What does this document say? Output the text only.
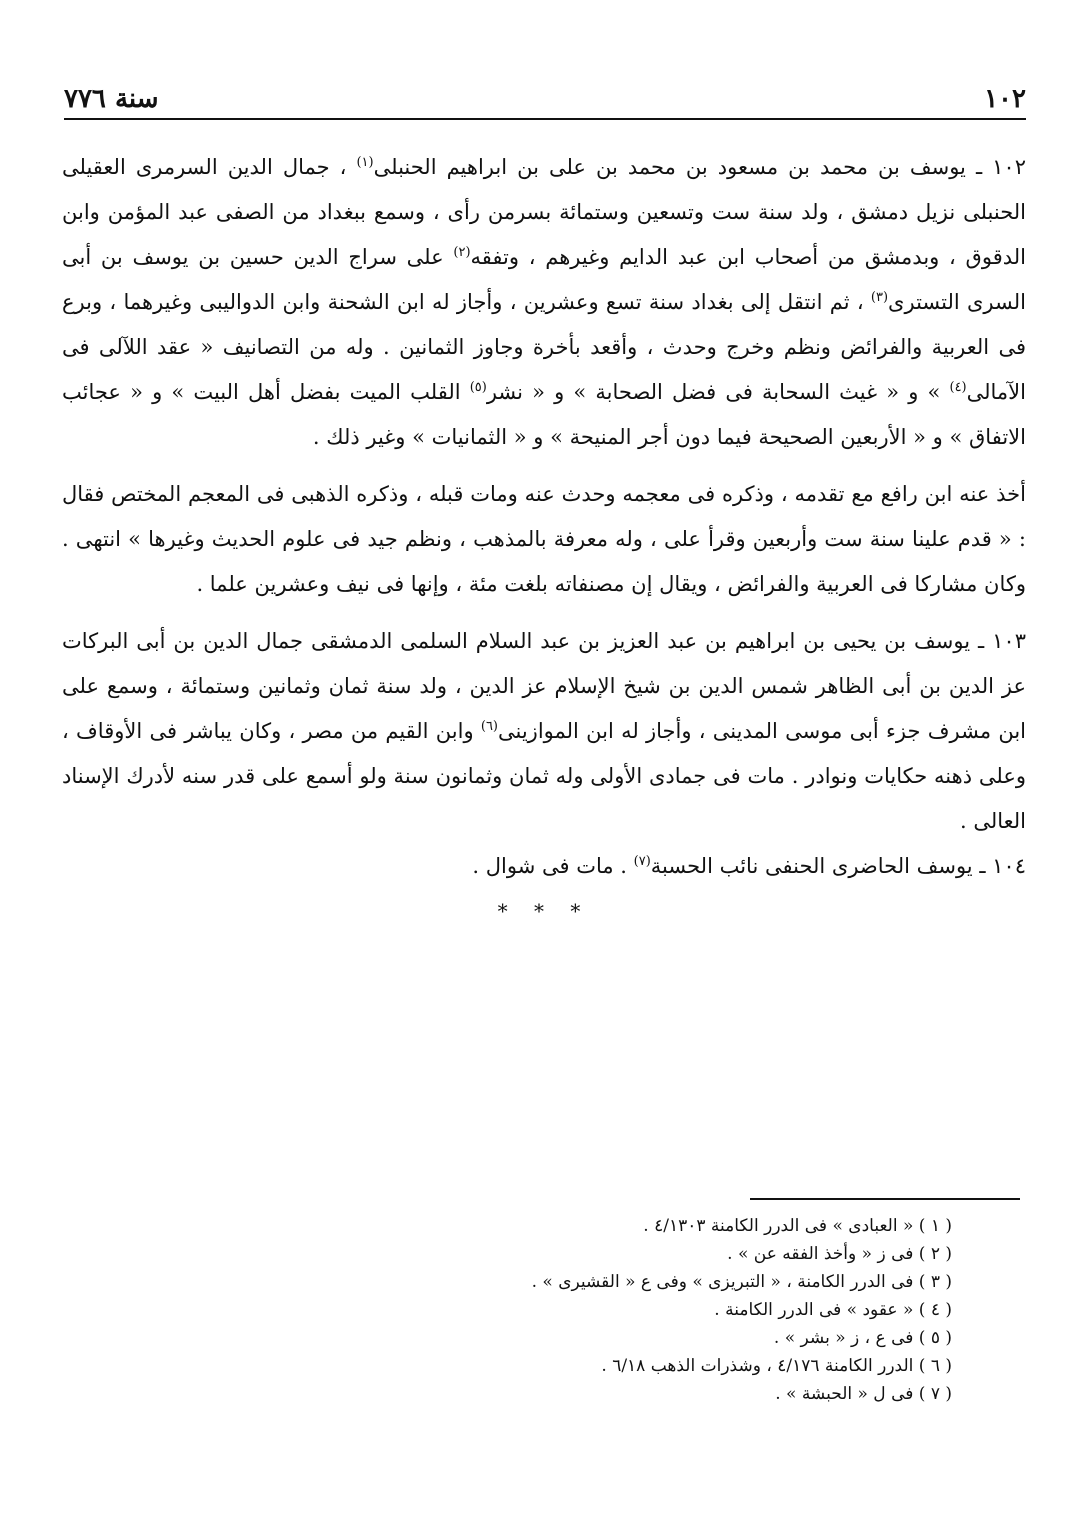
١٠٢
سنة ٧٧٦

١٠٢ ـ يوسف بن محمد بن مسعود بن محمد بن على بن ابراهيم الحنبلى$^{(١)}$ ، جمال الدين السرمرى العقيلى الحنبلى نزيل دمشق ، ولد سنة ست وتسعين وستمائة بسرمن رأى ، وسمع ببغداد من الصفى عبد المؤمن وابن الدقوق ، وبدمشق من أصحاب ابن عبد الدايم وغيرهم ، وتفقه$^{(٢)}$ على سراج الدين حسين بن يوسف بن أبى السرى التسترى$^{(٣)}$ ، ثم انتقل إلى بغداد سنة تسع وعشرين ، وأجاز له ابن الشحنة وابن الدواليبى وغيرهما ، وبرع فى العربية والفرائض ونظم وخرج وحدث ، وأقعد بأخرة وجاوز الثمانين . وله من التصانيف « عقد اللآلى فى الآمالى$^{(٤)}$ » و « غيث السحابة فى فضل الصحابة » و « نشر$^{(٥)}$ القلب الميت بفضل أهل البيت » و « عجائب الاتفاق » و « الأربعين الصحيحة فيما دون أجر المنيحة » و « الثمانيات » وغير ذلك .

أخذ عنه ابن رافع مع تقدمه ، وذكره فى معجمه وحدث عنه ومات قبله ، وذكره الذهبى فى المعجم المختص فقال : « قدم علينا سنة ست وأربعين وقرأ على ، وله معرفة بالمذهب ، ونظم جيد فى علوم الحديث وغيرها » انتهى . وكان مشاركا فى العربية والفرائض ، ويقال إن مصنفاته بلغت مئة ، وإنها فى نيف وعشرين علما .

١٠٣ ـ يوسف بن يحيى بن ابراهيم بن عبد العزيز بن عبد السلام السلمى الدمشقى جمال الدين بن أبى البركات عز الدين بن أبى الظاهر شمس الدين بن شيخ الإسلام عز الدين ، ولد سنة ثمان وثمانين وستمائة ، وسمع على ابن مشرف جزء أبى موسى المدينى ، وأجاز له ابن الموازينى$^{(٦)}$ وابن القيم من مصر ، وكان يباشر فى الأوقاف ، وعلى ذهنه حكايات ونوادر . مات فى جمادى الأولى وله ثمان وثمانون سنة ولو أسمع على قدر سنه لأدرك الإسناد العالى .

١٠٤ ـ يوسف الحاضرى الحنفى نائب الحسبة$^{(٧)}$ . مات فى شوال .

* * *

( ١ ) « العبادى » فى الدرر الكامنة ٤/١٣٠٣ .
( ٢ ) فى ز « وأخذ الفقه عن » .
( ٣ ) فى الدرر الكامنة ، « التبريزى » وفى ع « القشيرى » .
( ٤ ) « عقود » فى الدرر الكامنة .
( ٥ ) فى ع ، ز « بشر » .
( ٦ ) الدرر الكامنة ٤/١٧٦ ، وشذرات الذهب ٦/١٨ .
( ٧ ) فى ل « الحبشة » .
